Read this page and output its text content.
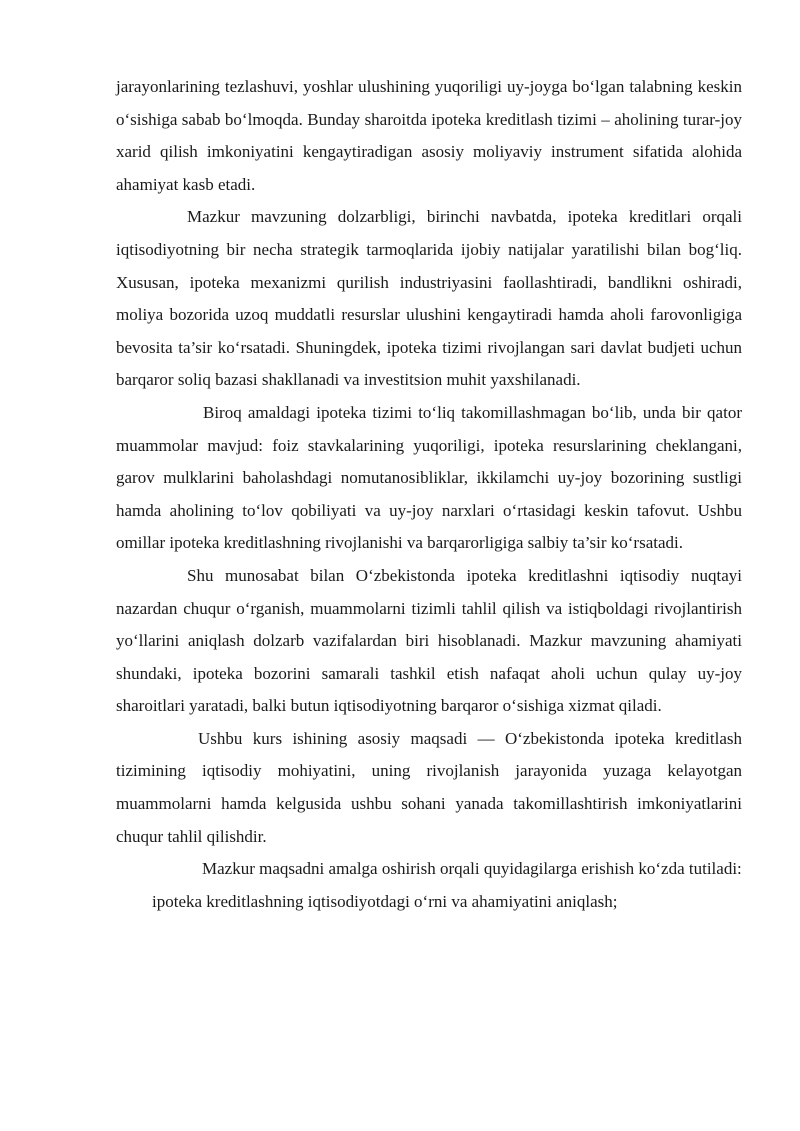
jarayonlarining tezlashuvi, yoshlar ulushining yuqoriligi uy-joyga bo‘lgan talabning keskin o‘sishiga sabab bo‘lmoqda. Bunday sharoitda ipoteka kreditlash tizimi – aholining turar-joy xarid qilish imkoniyatini kengaytiradigan asosiy moliyaviy instrument sifatida alohida ahamiyat kasb etadi.

Mazkur mavzuning dolzarbligi, birinchi navbatda, ipoteka kreditlari orqali iqtisodiyotning bir necha strategik tarmoqlarida ijobiy natijalar yaratilishi bilan bog‘liq. Xususan, ipoteka mexanizmi qurilish industriyasini faollashtiradi, bandlikni oshiradi, moliya bozorida uzoq muddatli resurslar ulushini kengaytiradi hamda aholi farovonligiga bevosita ta’sir ko‘rsatadi. Shuningdek, ipoteka tizimi rivojlangan sari davlat budjeti uchun barqaror soliq bazasi shakllanadi va investitsion muhit yaxshilanadi.

Biroq amaldagi ipoteka tizimi to‘liq takomillashmagan bo‘lib, unda bir qator muammolar mavjud: foiz stavkalarining yuqoriligi, ipoteka resurslarining cheklangani, garov mulklarini baholashdagi nomutanosibliklar, ikkilamchi uy-joy bozorining sustligi hamda aholining to‘lov qobiliyati va uy-joy narxlari o‘rtasidagi keskin tafovut. Ushbu omillar ipoteka kreditlashning rivojlanishi va barqarorligiga salbiy ta’sir ko‘rsatadi.

Shu munosabat bilan O‘zbekistonda ipoteka kreditlashni iqtisodiy nuqtayi nazardan chuqur o‘rganish, muammolarni tizimli tahlil qilish va istiqboldagi rivojlantirish yo‘llarini aniqlash dolzarb vazifalardan biri hisoblanadi. Mazkur mavzuning ahamiyati shundaki, ipoteka bozorini samarali tashkil etish nafaqat aholi uchun qulay uy-joy sharoitlari yaratadi, balki butun iqtisodiyotning barqaror o‘sishiga xizmat qiladi.

Ushbu kurs ishining asosiy maqsadi — O‘zbekistonda ipoteka kreditlash tizimining iqtisodiy mohiyatini, uning rivojlanish jarayonida yuzaga kelayotgan muammolarni hamda kelgusida ushbu sohani yanada takomillashtirish imkoniyatlarini chuqur tahlil qilishdir.

Mazkur maqsadni amalga oshirish orqali quyidagilarga erishish ko‘zda tutiladi:

ipoteka kreditlashning iqtisodiyotdagi o‘rni va ahamiyatini aniqlash;
